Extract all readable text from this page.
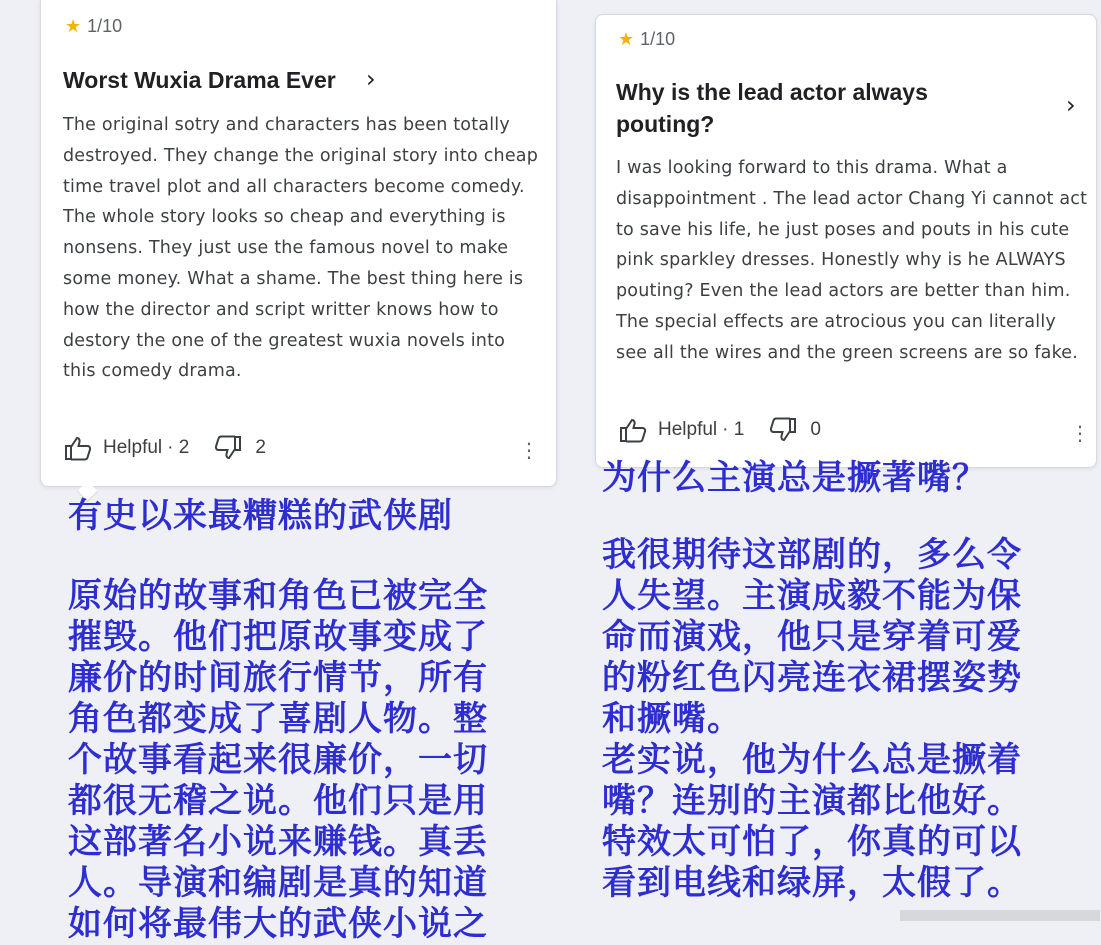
★ 1/10
Worst Wuxia Drama Ever	›
The original sotry and characters has been totally destroyed. They change the original story into cheap time travel plot and all characters become comedy. The whole story looks so cheap and everything is nonsens. They just use the famous novel to make some money. What a shame. The best thing here is how the director and script writter knows how to destory the one of the greatest wuxia novels into this comedy drama.
Helpful · 2	2	⋮
★ 1/10
Why is the lead actor always pouting?
›
I was looking forward to this drama. What a disappointment . The lead actor Chang Yi cannot act to save his life, he just poses and pouts in his cute pink sparkley dresses. Honestly why is he ALWAYS pouting? Even the lead actors are better than him. The special effects are atrocious you can literally see all the wires and the green screens are so fake.
Helpful · 1	0	⋮
有史以来最糟糕的武侠剧
原始的故事和角色已被完全
摧毁。他们把原故事变成了
廉价的时间旅行情节，所有
角色都变成了喜剧人物。整
个故事看起来很廉价，一切
都很无稽之说。他们只是用
这部著名小说来赚钱。真丢
人。导演和编剧是真的知道
如何将最伟大的武侠小说之
为什么主演总是撅著嘴？
我很期待这部剧的，多么令
人失望。主演成毅不能为保
命而演戏，他只是穿着可爱
的粉红色闪亮连衣裙摆姿势
和撅嘴。
老实说，他为什么总是撅着
嘴？连别的主演都比他好。
特效太可怕了，你真的可以
看到电线和绿屏，太假了。
